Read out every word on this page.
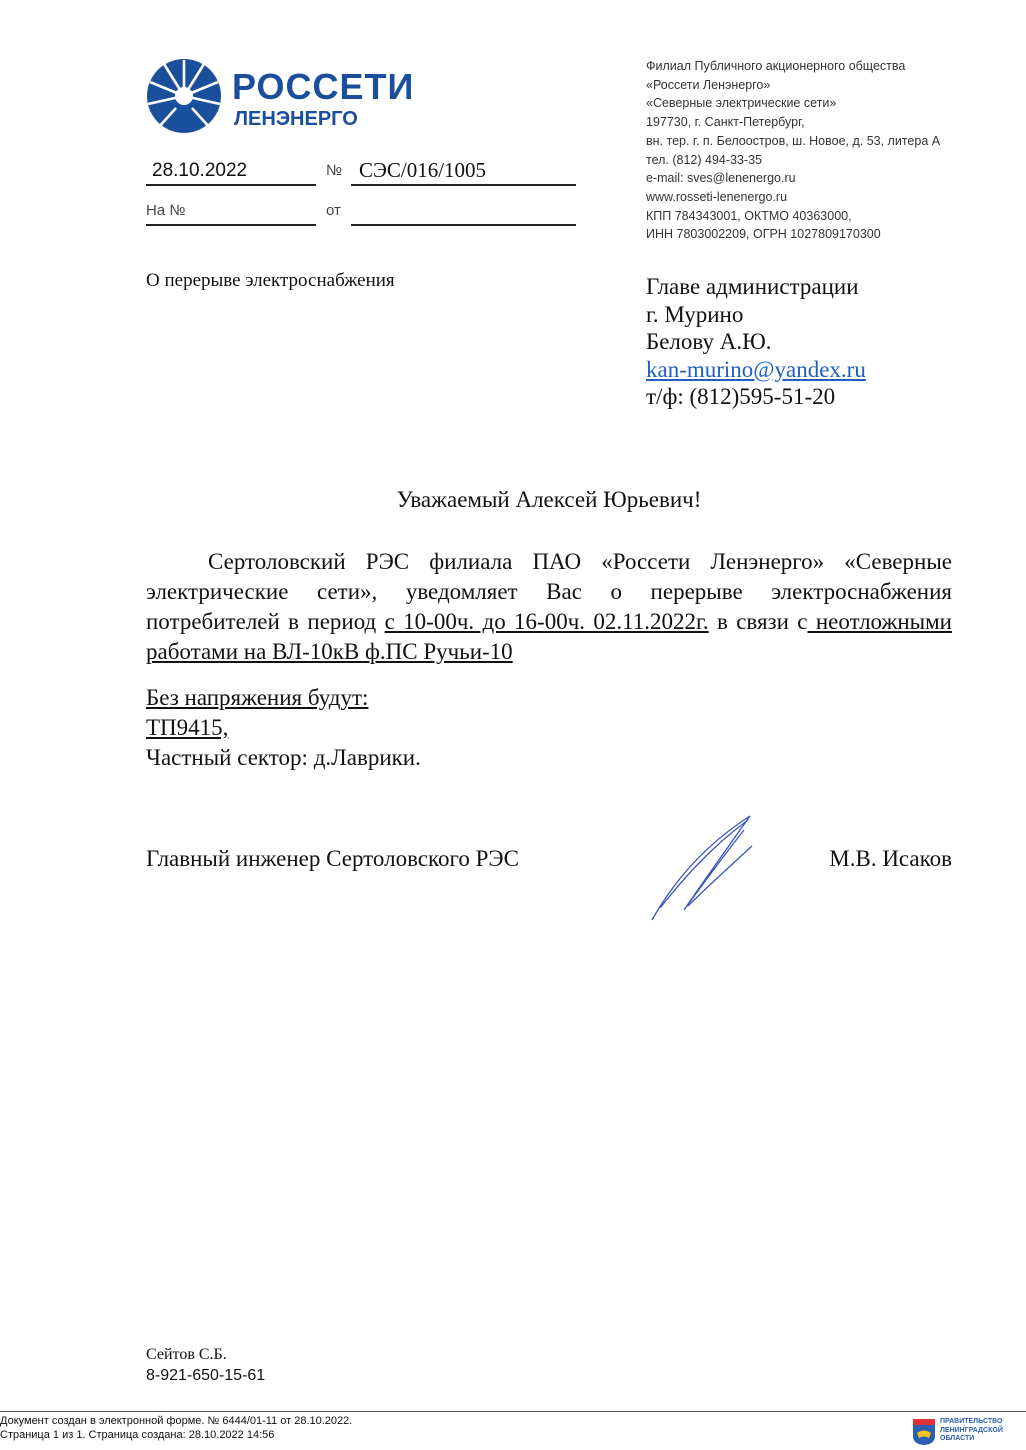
РОССЕТИ
ЛЕНЭНЕРГО
28.10.2022	№ СЭС/016/1005
На №	от
Филиал Публичного акционерного общества
«Россети Ленэнерго»
«Северные электрические сети»
197730, г. Санкт-Петербург,
вн. тер. г. п. Белоостров, ш. Новое, д. 53, литера А
тел. (812) 494-33-35
e-mail: sves@lenenergo.ru
www.rosseti-lenenergo.ru
КПП 784343001, ОКТМО 40363000,
ИНН 7803002209, ОГРН 1027809170300
О перерыве электроснабжения	Главе администрации
г. Мурино
Белову А.Ю.
kan-murino@yandex.ru
т/ф: (812)595-51-20
Уважаемый Алексей Юрьевич!
Сертоловский РЭС филиала ПАО «Россети Ленэнерго» «Северные электрические сети», уведомляет Вас о перерыве электроснабжения потребителей в период с 10-00ч. до 16-00ч. 02.11.2022г. в связи с неотложными работами на ВЛ-10кВ ф.ПС Ручьи-10
Без напряжения будут:
ТП9415,
Частный сектор: д.Лаврики.
Главный инженер Сертоловского РЭС	М.В. Исаков
Сейтов С.Б.
8-921-650-15-61
Документ создан в электронной форме. № 6444/01-11 от 28.10.2022.
Страница 1 из 1. Страница создана: 28.10.2022 14:56
ПРАВИТЕЛЬСТВО
ЛЕНИНГРАДСКОЙ
ОБЛАСТИ
